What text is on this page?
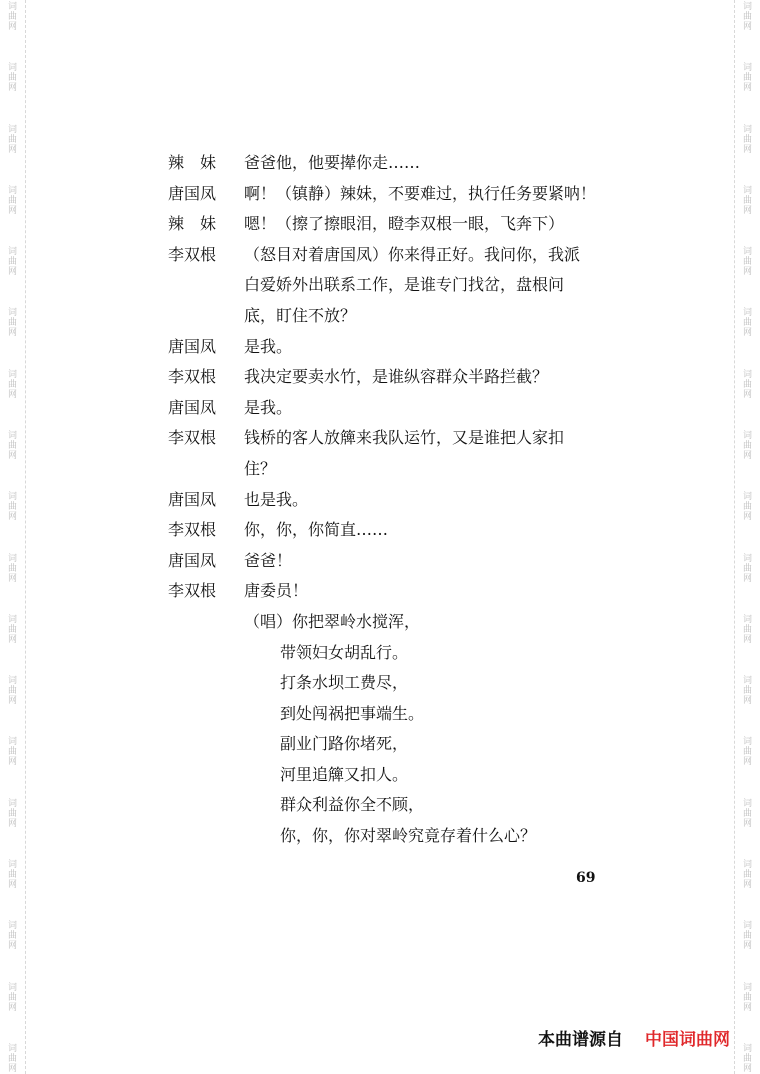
词
曲
网
词
曲
网
词
曲
网
词
曲
网
词
曲
网
词
曲
网
词
曲
网
词
曲
网
词
曲
网
词
曲
网
词
曲
网
词
曲
网
词
曲
网
词
曲
网
词
曲
网
词
曲
网
词
曲
网
词
曲
网
词
曲
网
词
曲
网
词
曲
网
词
曲
网
词
曲
网
词
曲
网
词
曲
网
词
曲
网
词
曲
网
词
曲
网
词
曲
网
词
曲
网
词
曲
网
词
曲
网
词
曲
网
词
曲
网
词
曲
网
词
曲
网
辣　妹	爸爸他，他要撵你走……
唐国凤	啊！（镇静）辣妹，不要难过，执行任务要紧呐！
辣　妹	嗯！（擦了擦眼泪，瞪李双根一眼，飞奔下）
李双根	（怒目对着唐国凤）你来得正好。我问你，我派
白爱娇外出联系工作，是谁专门找岔，盘根问
底，盯住不放？
唐国凤	是我。
李双根	我决定要卖水竹，是谁纵容群众半路拦截？
唐国凤	是我。
李双根	钱桥的客人放簰来我队运竹，又是谁把人家扣
住？
唐国凤	也是我。
李双根	你，你，你简直……
唐国凤	爸爸！
李双根	唐委员！
（唱）你把翠岭水搅浑，
带领妇女胡乱行。
打条水坝工费尽，
到处闯祸把事端生。
副业门路你堵死，
河里追簰又扣人。
群众利益你全不顾，
你，你，你对翠岭究竟存着什么心？
69
本曲谱源自 中国词曲网
